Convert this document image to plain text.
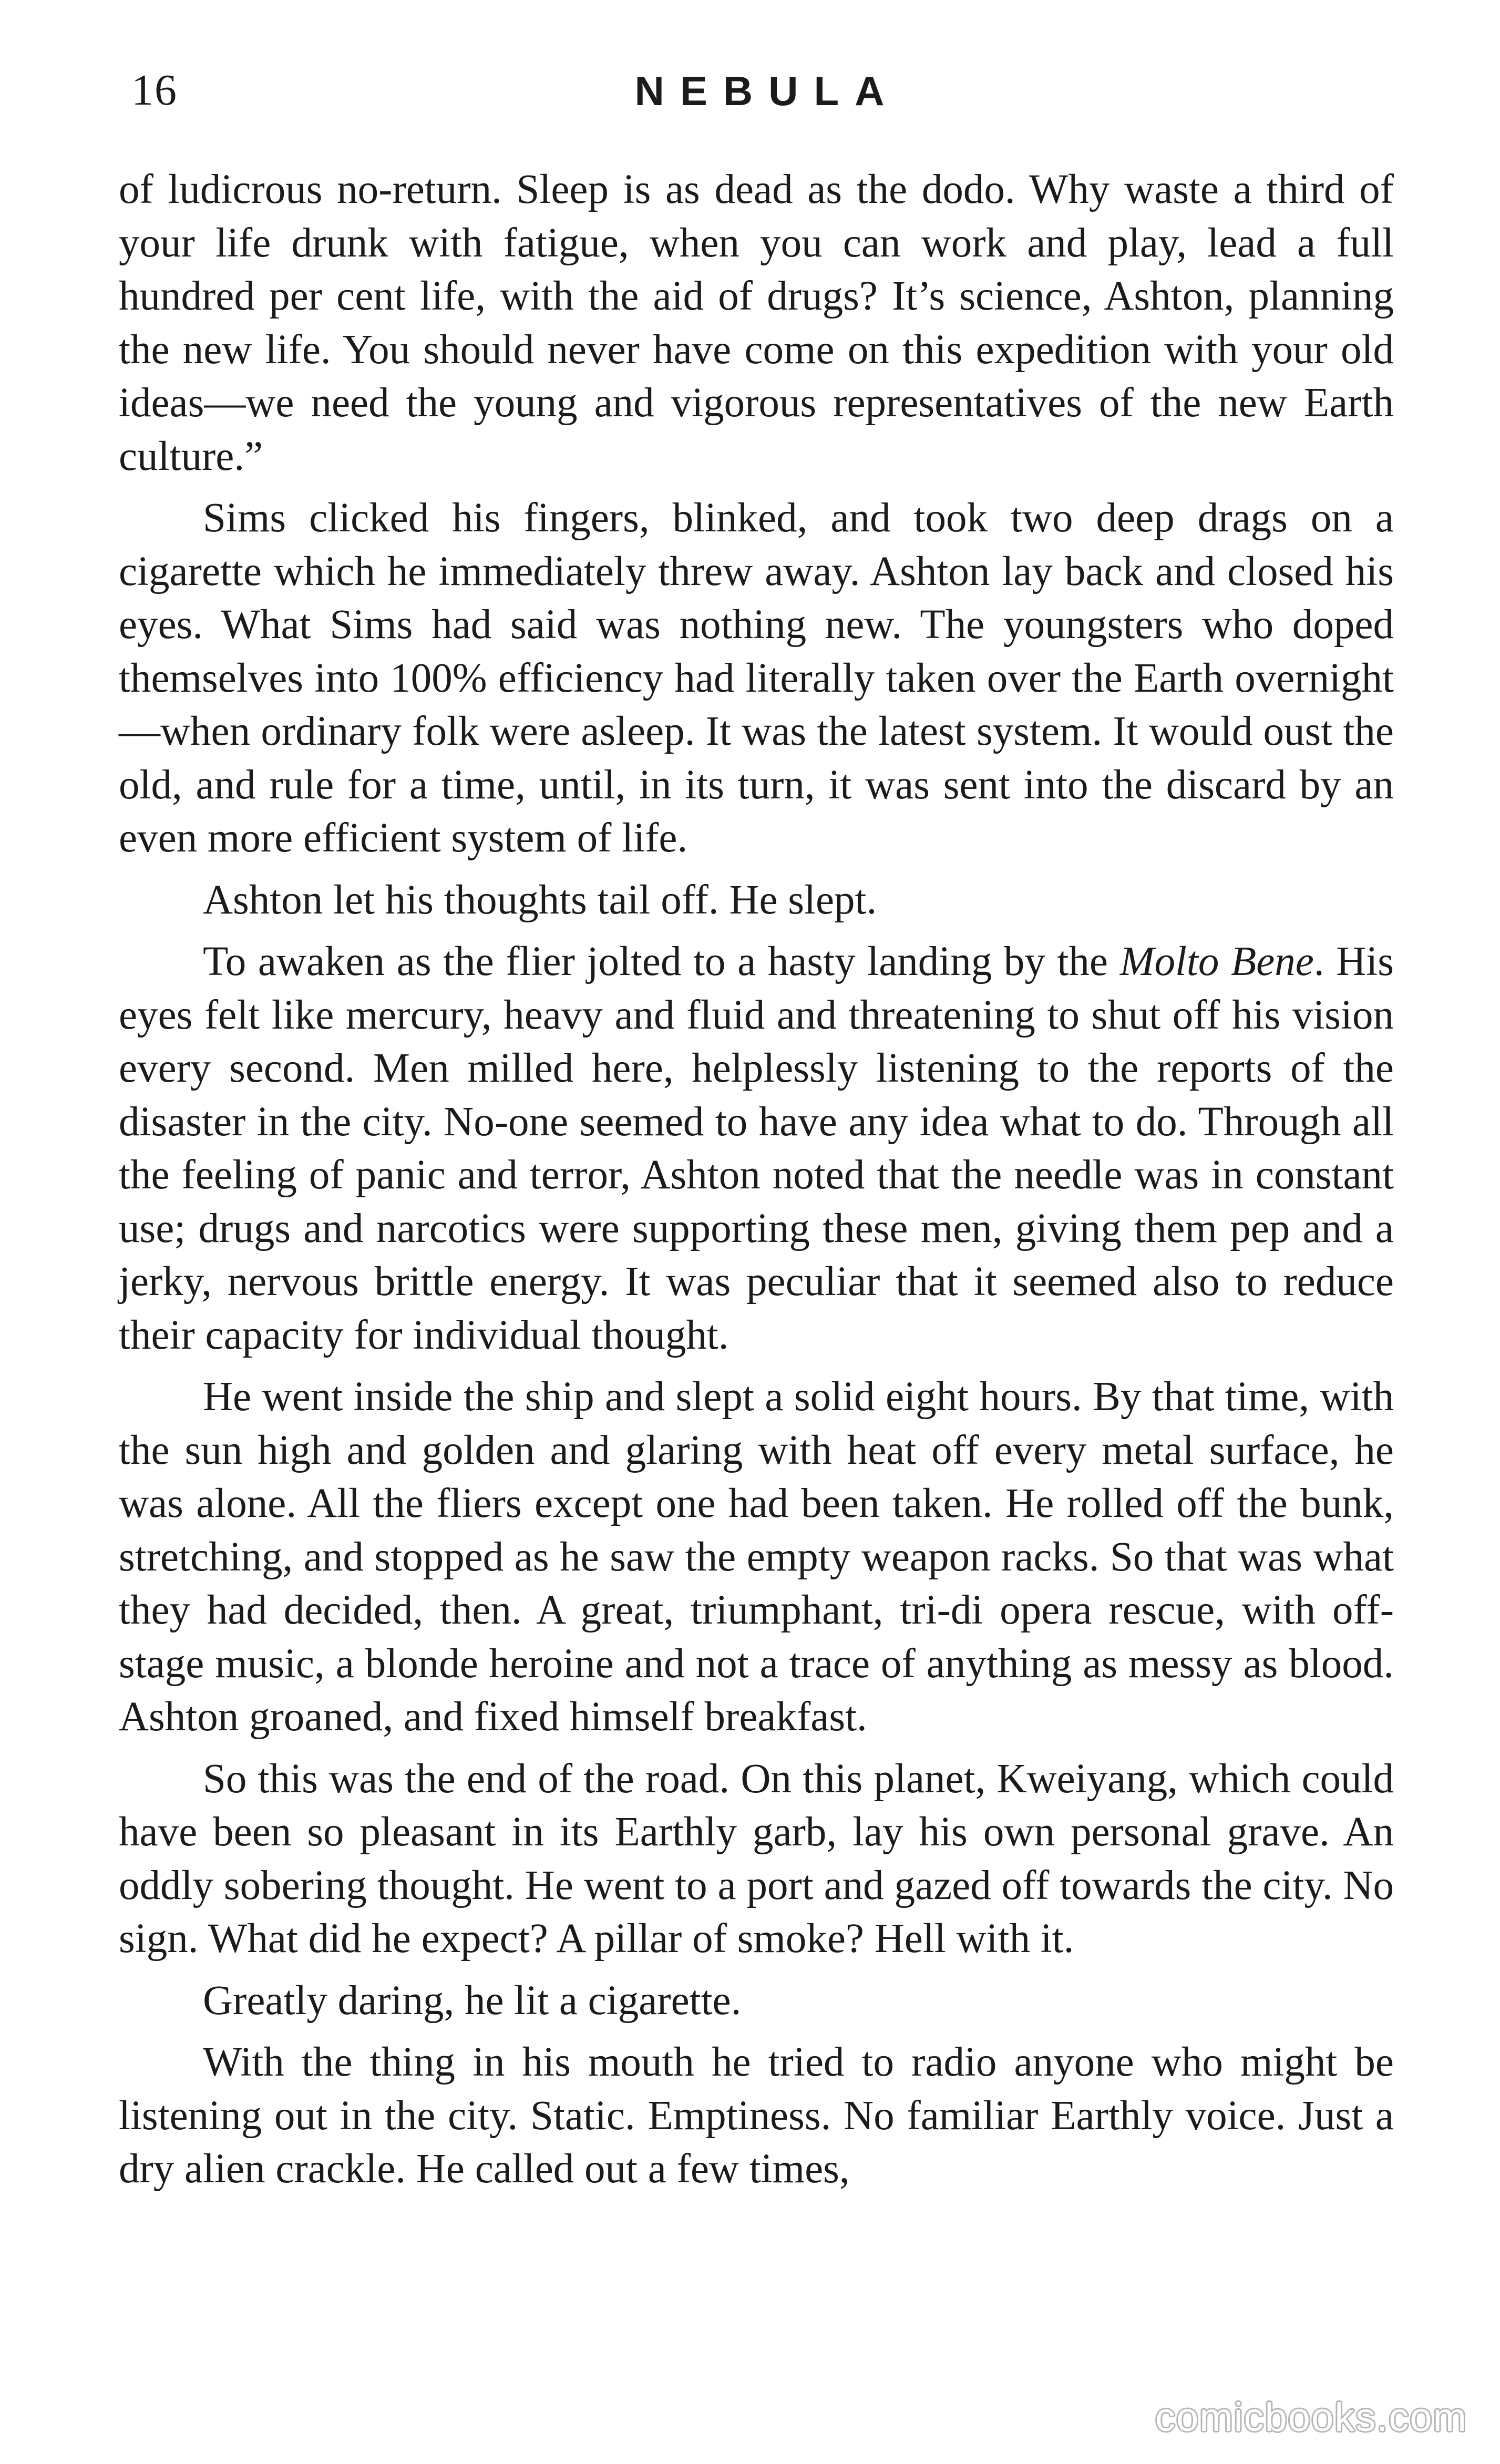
16	NEBULA

of ludicrous no-return. Sleep is as dead as the dodo. Why waste a third of your life drunk with fatigue, when you can work and play, lead a full hundred per cent life, with the aid of drugs? It’s science, Ashton, planning the new life. You should never have come on this expedition with your old ideas—we need the young and vigorous representatives of the new Earth culture.”

Sims clicked his fingers, blinked, and took two deep drags on a cigarette which he immediately threw away. Ashton lay back and closed his eyes. What Sims had said was nothing new. The youngsters who doped themselves into 100% efficiency had literally taken over the Earth overnight—when ordinary folk were asleep. It was the latest system. It would oust the old, and rule for a time, until, in its turn, it was sent into the discard by an even more efficient system of life.

Ashton let his thoughts tail off. He slept.

To awaken as the flier jolted to a hasty landing by the Molto Bene. His eyes felt like mercury, heavy and fluid and threatening to shut off his vision every second. Men milled here, helplessly listening to the reports of the disaster in the city. No-one seemed to have any idea what to do. Through all the feeling of panic and terror, Ashton noted that the needle was in constant use; drugs and narcotics were supporting these men, giving them pep and a jerky, nervous brittle energy. It was peculiar that it seemed also to reduce their capacity for individual thought.

He went inside the ship and slept a solid eight hours. By that time, with the sun high and golden and glaring with heat off every metal surface, he was alone. All the fliers except one had been taken. He rolled off the bunk, stretching, and stopped as he saw the empty weapon racks. So that was what they had decided, then. A great, triumphant, tri-di opera rescue, with off-stage music, a blonde heroine and not a trace of anything as messy as blood. Ashton groaned, and fixed himself breakfast.

So this was the end of the road. On this planet, Kweiyang, which could have been so pleasant in its Earthly garb, lay his own personal grave. An oddly sobering thought. He went to a port and gazed off towards the city. No sign. What did he expect? A pillar of smoke? Hell with it.

Greatly daring, he lit a cigarette.

With the thing in his mouth he tried to radio anyone who might be listening out in the city. Static. Emptiness. No familiar Earthly voice. Just a dry alien crackle. He called out a few times,

comicbooks.com
